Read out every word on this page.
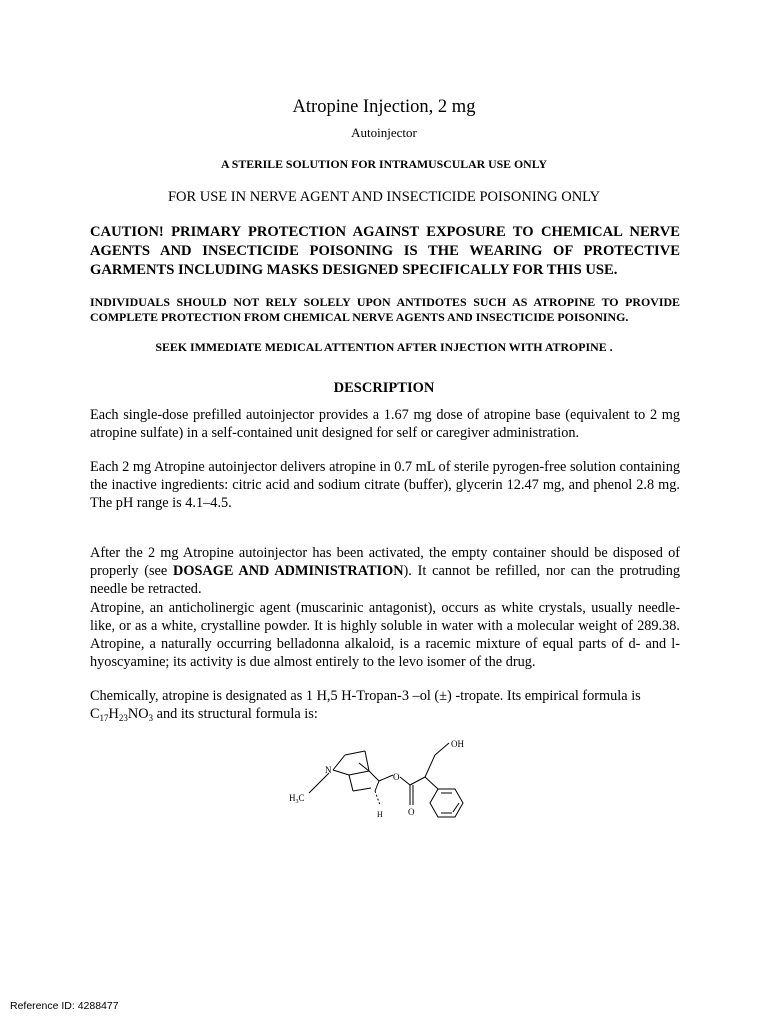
Atropine Injection, 2 mg
Autoinjector
A STERILE SOLUTION FOR INTRAMUSCULAR USE ONLY
FOR USE IN NERVE AGENT AND INSECTICIDE POISONING ONLY
CAUTION! PRIMARY PROTECTION AGAINST EXPOSURE TO CHEMICAL NERVE AGENTS AND INSECTICIDE POISONING IS THE WEARING OF PROTECTIVE GARMENTS INCLUDING MASKS DESIGNED SPECIFICALLY FOR THIS USE.
INDIVIDUALS SHOULD NOT RELY SOLELY UPON ANTIDOTES SUCH AS ATROPINE TO PROVIDE COMPLETE PROTECTION FROM CHEMICAL NERVE AGENTS AND INSECTICIDE POISONING.
SEEK IMMEDIATE MEDICAL ATTENTION AFTER INJECTION WITH ATROPINE .
DESCRIPTION
Each single-dose prefilled autoinjector provides a 1.67 mg dose of atropine base (equivalent to 2 mg atropine sulfate) in a self-contained unit designed for self or caregiver administration.
Each 2 mg Atropine autoinjector delivers atropine in 0.7 mL of sterile pyrogen-free solution containing the inactive ingredients: citric acid and sodium citrate (buffer), glycerin 12.47 mg, and phenol 2.8 mg. The pH range is 4.1–4.5.
After the 2 mg Atropine autoinjector has been activated, the empty container should be disposed of properly (see DOSAGE AND ADMINISTRATION). It cannot be refilled, nor can the protruding needle be retracted.
Atropine, an anticholinergic agent (muscarinic antagonist), occurs as white crystals, usually needle-like, or as a white, crystalline powder. It is highly soluble in water with a molecular weight of 289.38. Atropine, a naturally occurring belladonna alkaloid, is a racemic mixture of equal parts of d- and l-hyoscyamine; its activity is due almost entirely to the levo isomer of the drug.
Chemically, atropine is designated as 1 H,5 H-Tropan-3 –ol (±) -tropate. Its empirical formula is
$C_{17}H_{23}NO_3$ and its structural formula is:
OH
N
$H_3C$
H
O
O
Reference ID: 4288477
